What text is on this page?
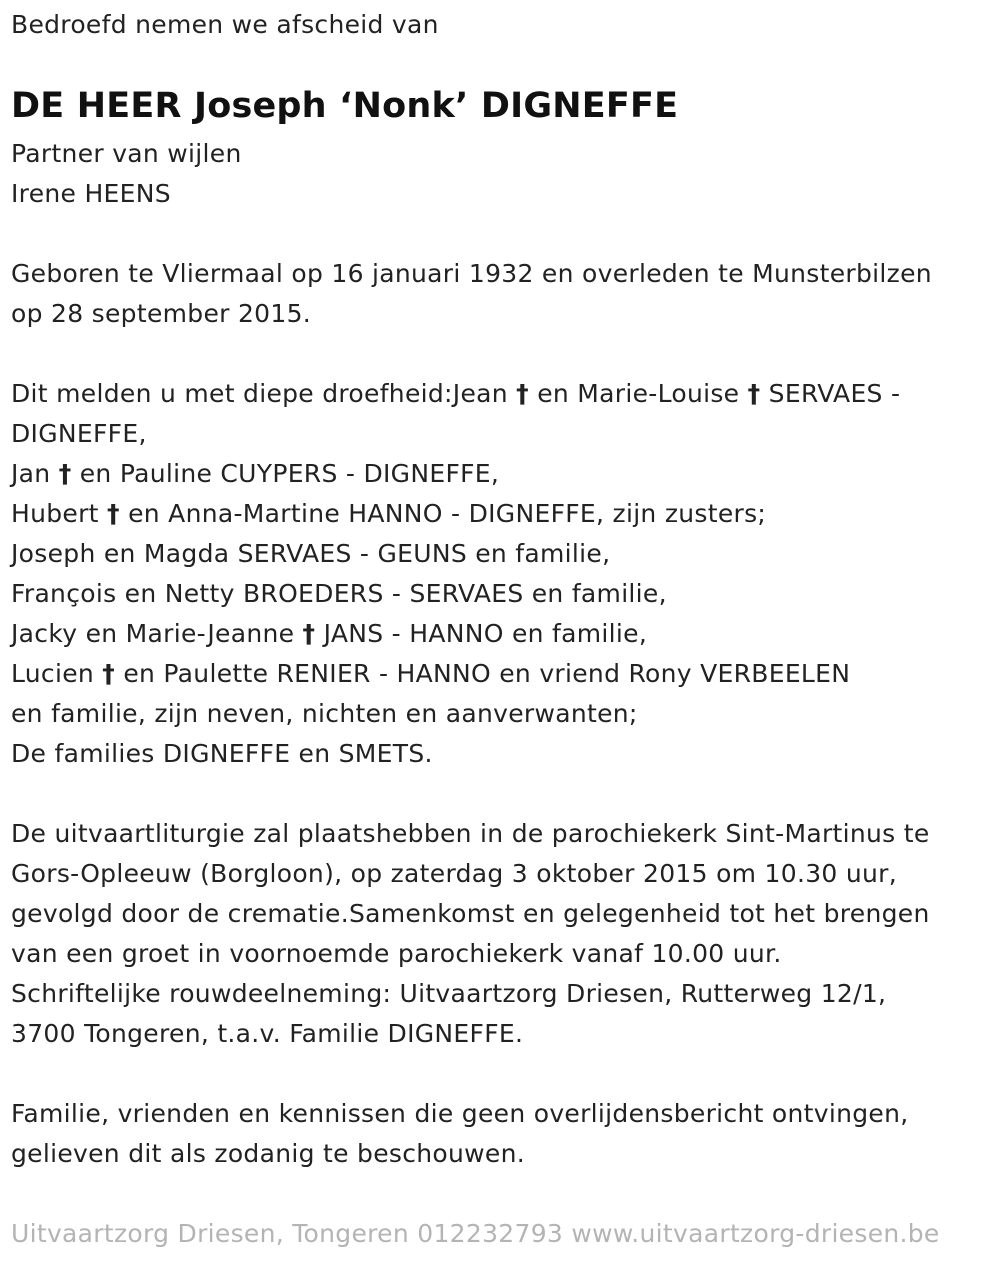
Bedroefd nemen we afscheid van
DE HEER Joseph ‘Nonk’ DIGNEFFE
Partner van wijlen
Irene HEENS
Geboren te Vliermaal op 16 januari 1932 en overleden te Munsterbilzen
op 28 september 2015.
Dit melden u met diepe droefheid:Jean † en Marie-Louise † SERVAES -
DIGNEFFE,
Jan † en Pauline CUYPERS - DIGNEFFE,
Hubert † en Anna-Martine HANNO - DIGNEFFE, zijn zusters;
Joseph en Magda SERVAES - GEUNS en familie,
François en Netty BROEDERS - SERVAES en familie,
Jacky en Marie-Jeanne † JANS - HANNO en familie,
Lucien † en Paulette RENIER - HANNO en vriend Rony VERBEELEN
en familie, zijn neven, nichten en aanverwanten;
De families DIGNEFFE en SMETS.
De uitvaartliturgie zal plaatshebben in de parochiekerk Sint-Martinus te
Gors-Opleeuw (Borgloon), op zaterdag 3 oktober 2015 om 10.30 uur,
gevolgd door de crematie.Samenkomst en gelegenheid tot het brengen
van een groet in voornoemde parochiekerk vanaf 10.00 uur.
Schriftelijke rouwdeelneming: Uitvaartzorg Driesen, Rutterweg 12/1,
3700 Tongeren, t.a.v. Familie DIGNEFFE.
Familie, vrienden en kennissen die geen overlijdensbericht ontvingen,
gelieven dit als zodanig te beschouwen.
Uitvaartzorg Driesen, Tongeren 012232793 www.uitvaartzorg-driesen.be
